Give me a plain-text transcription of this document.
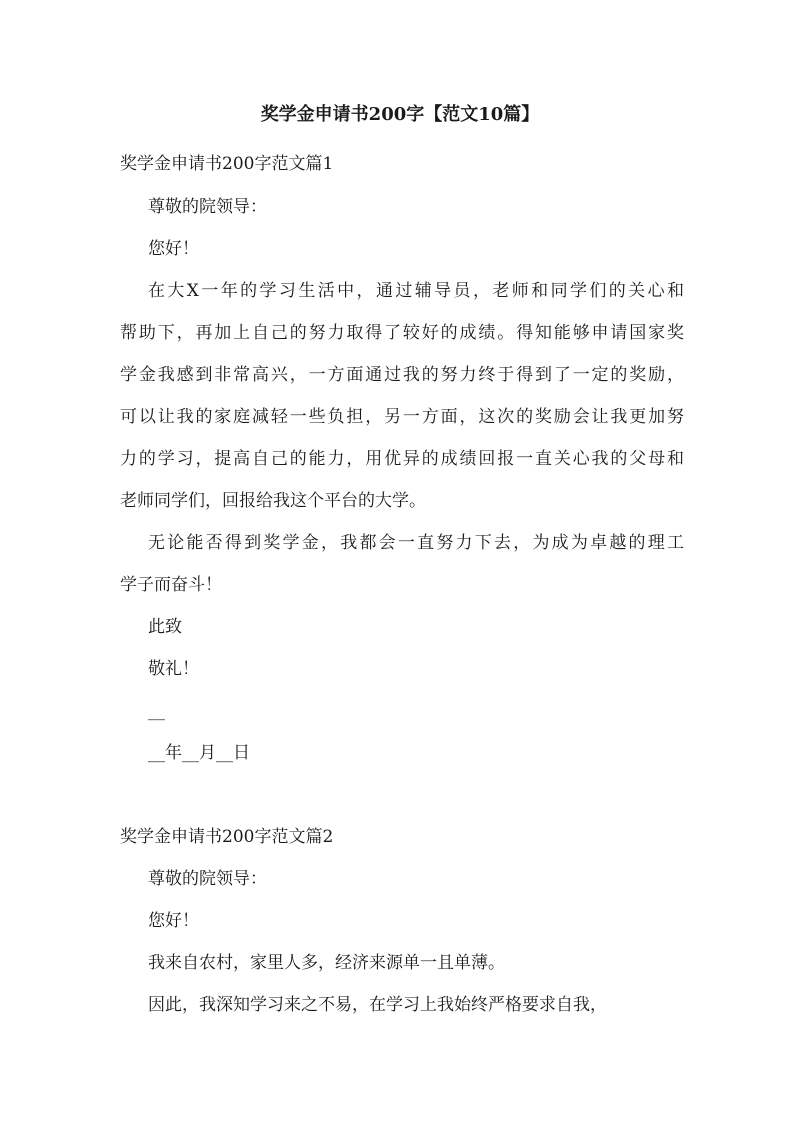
奖学金申请书200字【范文10篇】
奖学金申请书200字范文篇1
尊敬的院领导：
您好！
在大X一年的学习生活中，通过辅导员，老师和同学们的关心和
帮助下，再加上自己的努力取得了较好的成绩。得知能够申请国家奖
学金我感到非常高兴，一方面通过我的努力终于得到了一定的奖励，
可以让我的家庭减轻一些负担，另一方面，这次的奖励会让我更加努
力的学习，提高自己的能力，用优异的成绩回报一直关心我的父母和
老师同学们，回报给我这个平台的大学。
无论能否得到奖学金，我都会一直努力下去，为成为卓越的理工
学子而奋斗！
此致
敬礼！
__
__年__月__日
奖学金申请书200字范文篇2
尊敬的院领导：
您好！
我来自农村，家里人多，经济来源单一且单薄。
因此，我深知学习来之不易，在学习上我始终严格要求自我，
